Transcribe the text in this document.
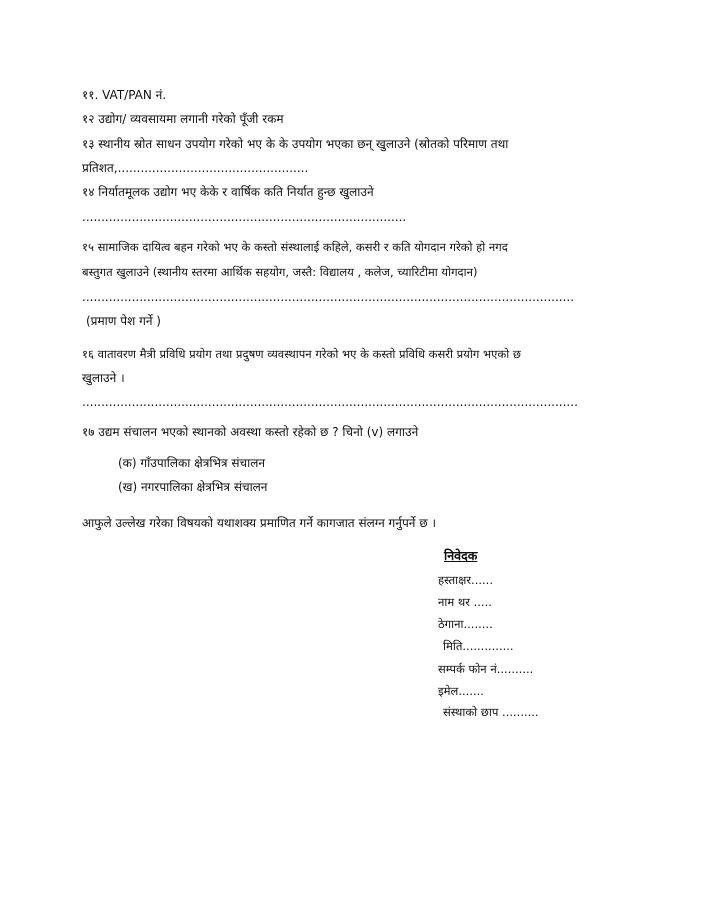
११. VAT/PAN नं.
१२ उद्योग/ व्यवसायमा लगानी गरेको पूँजी रकम
१३ स्थानीय स्रोत साधन उपयोग गरेको भए के के उपयोग भएका छन् खुलाउने (स्रोतको परिमाण तथा
प्रतिशत,..................................................
१४ निर्यातमूलक उद्योग भए केके र वार्षिक कति निर्यात हुन्छ खुलाउने
.....................................................................................
१५ सामाजिक दायित्व बहन गरेको भए के कस्तो संस्थालाई कहिले, कसरी र कति योगदान गरेको हो नगद
बस्तुगत खुलाउने (स्थानीय स्तरमा आर्थिक सहयोग, जस्तै: विद्यालय , कलेज, च्यारिटीमा योगदान)
.................................................................................................................................
(प्रमाण पेश गर्ने )
१६ वातावरण मैत्री प्रविधि प्रयोग तथा प्रदुषण व्यवस्थापन गरेको भए के कस्तो प्रविधि कसरी प्रयोग भएको छ
खुलाउने ।
..................................................................................................................................
१७ उद्यम संचालन भएको स्थानको अवस्था कस्तो रहेको छ ? चिनो (v) लगाउने
(क) गाँउपालिका क्षेत्रभित्र संचालन
(ख) नगरपालिका क्षेत्रभित्र संचालन
आफुले उल्लेख गरेका विषयको यथाशक्य प्रमाणित गर्ने कागजात संलग्न गर्नुपर्ने छ ।
निवेदक
हस्ताक्षर......
नाम थर .....
ठेगाना........
मिति..............
सम्पर्क फोन नं..........
इमेल.......
संस्थाको छाप ..........
